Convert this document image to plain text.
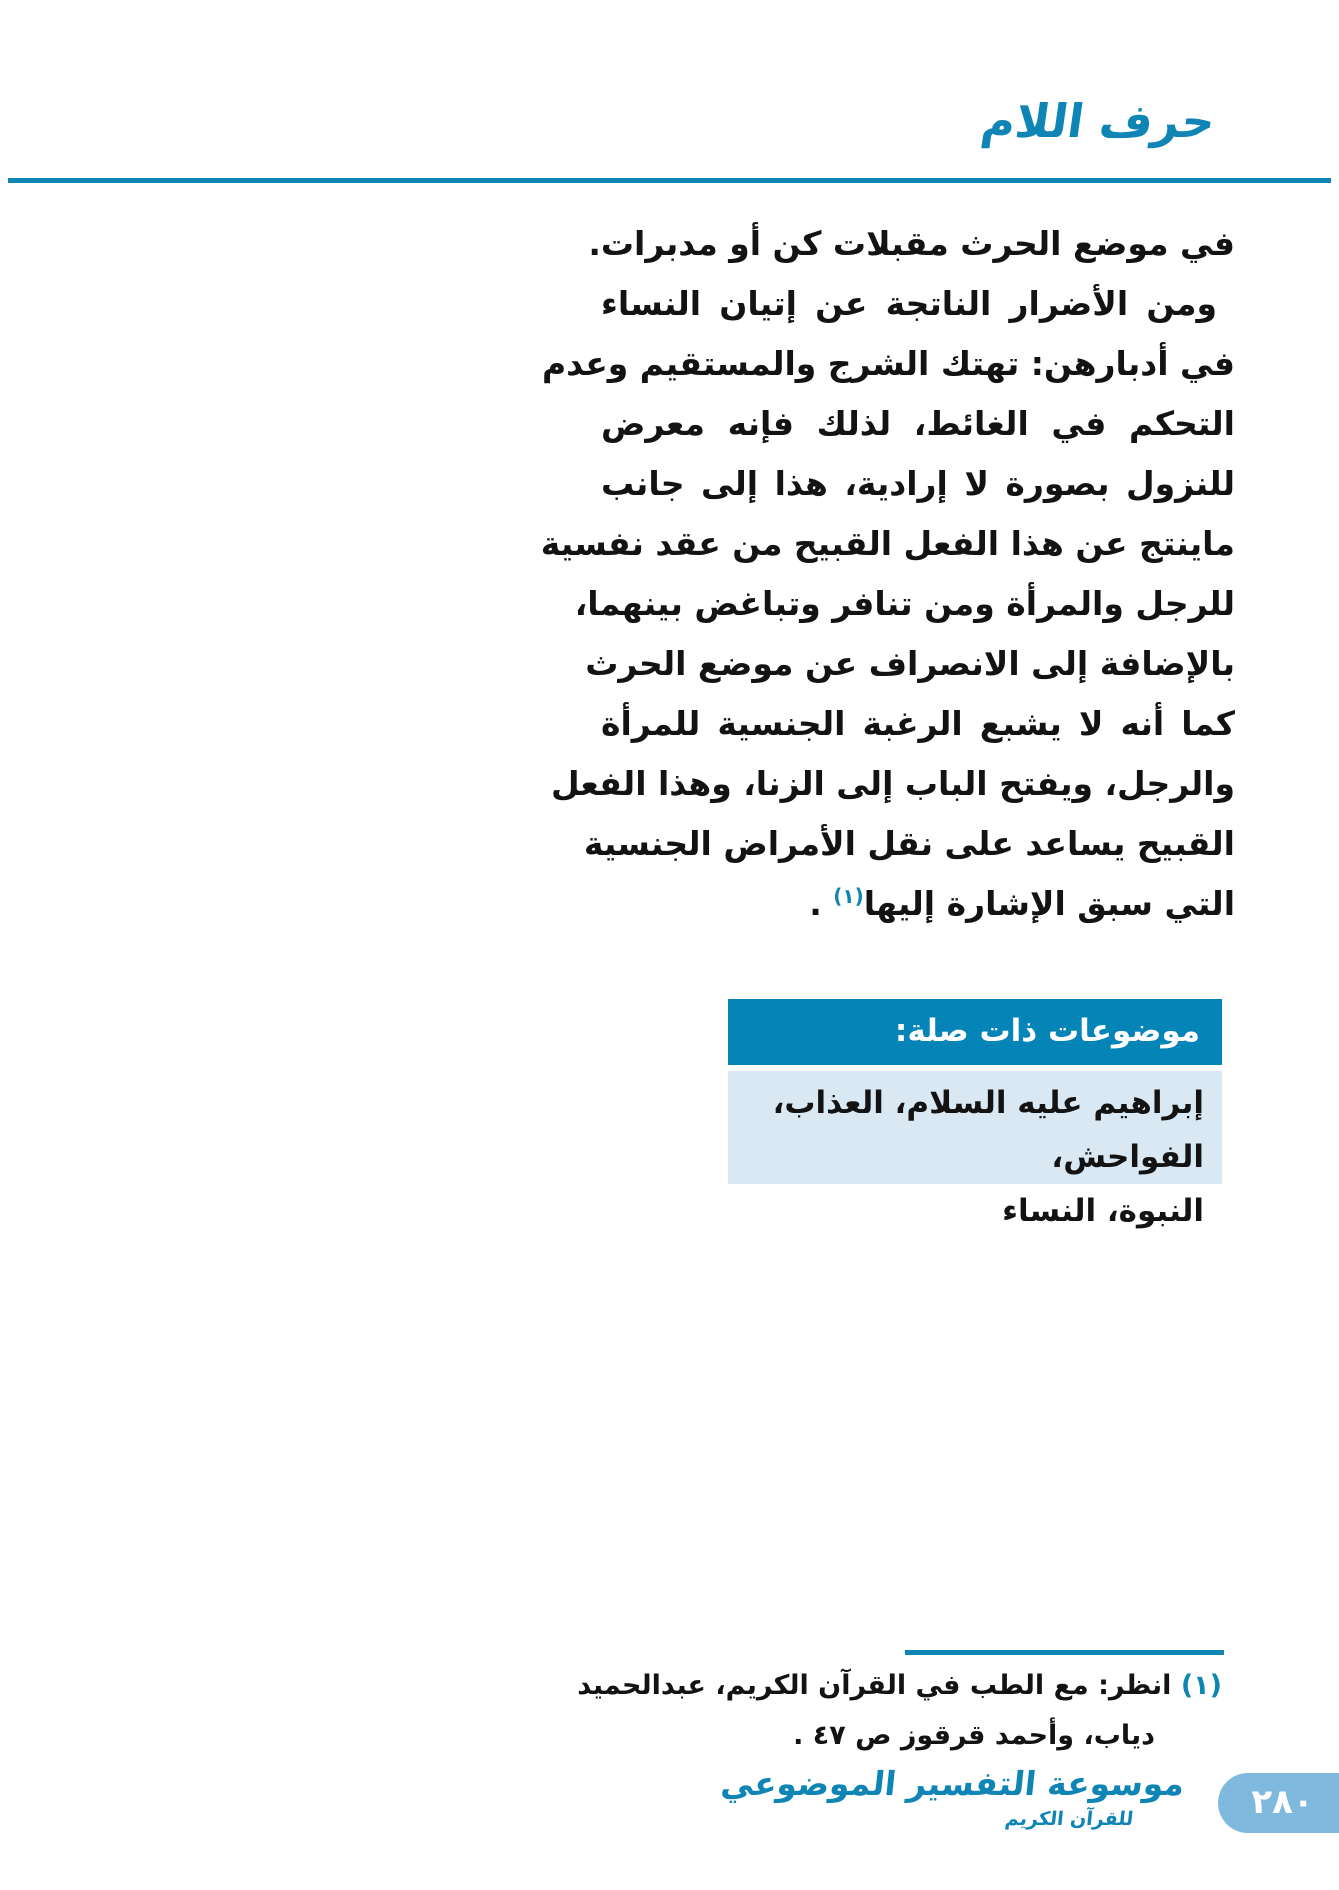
حرف اللام
في موضع الحرث مقبلات كن أو مدبرات.
ومن الأضرار الناتجة عن إتيان النساء
في أدبارهن: تهتك الشرج والمستقيم وعدم
التحكم في الغائط، لذلك فإنه معرض
للنزول بصورة لا إرادية، هذا إلى جانب
ماينتج عن هذا الفعل القبيح من عقد نفسية
للرجل والمرأة ومن تنافر وتباغض بينهما،
بالإضافة إلى الانصراف عن موضع الحرث
كما أنه لا يشبع الرغبة الجنسية للمرأة
والرجل، ويفتح الباب إلى الزنا، وهذا الفعل
القبيح يساعد على نقل الأمراض الجنسية
التي سبق الإشارة إليها$^{(١)}$ .
موضوعات ذات صلة:
إبراهيم عليه السلام، العذاب، الفواحش،
النبوة، النساء
(١) انظر: مع الطب في القرآن الكريم، عبدالحميد
دياب، وأحمد قرقوز ص ٤٧ .
موسوعة التفسير الموضوعي
للقرآن الكريم	٢٨٠
